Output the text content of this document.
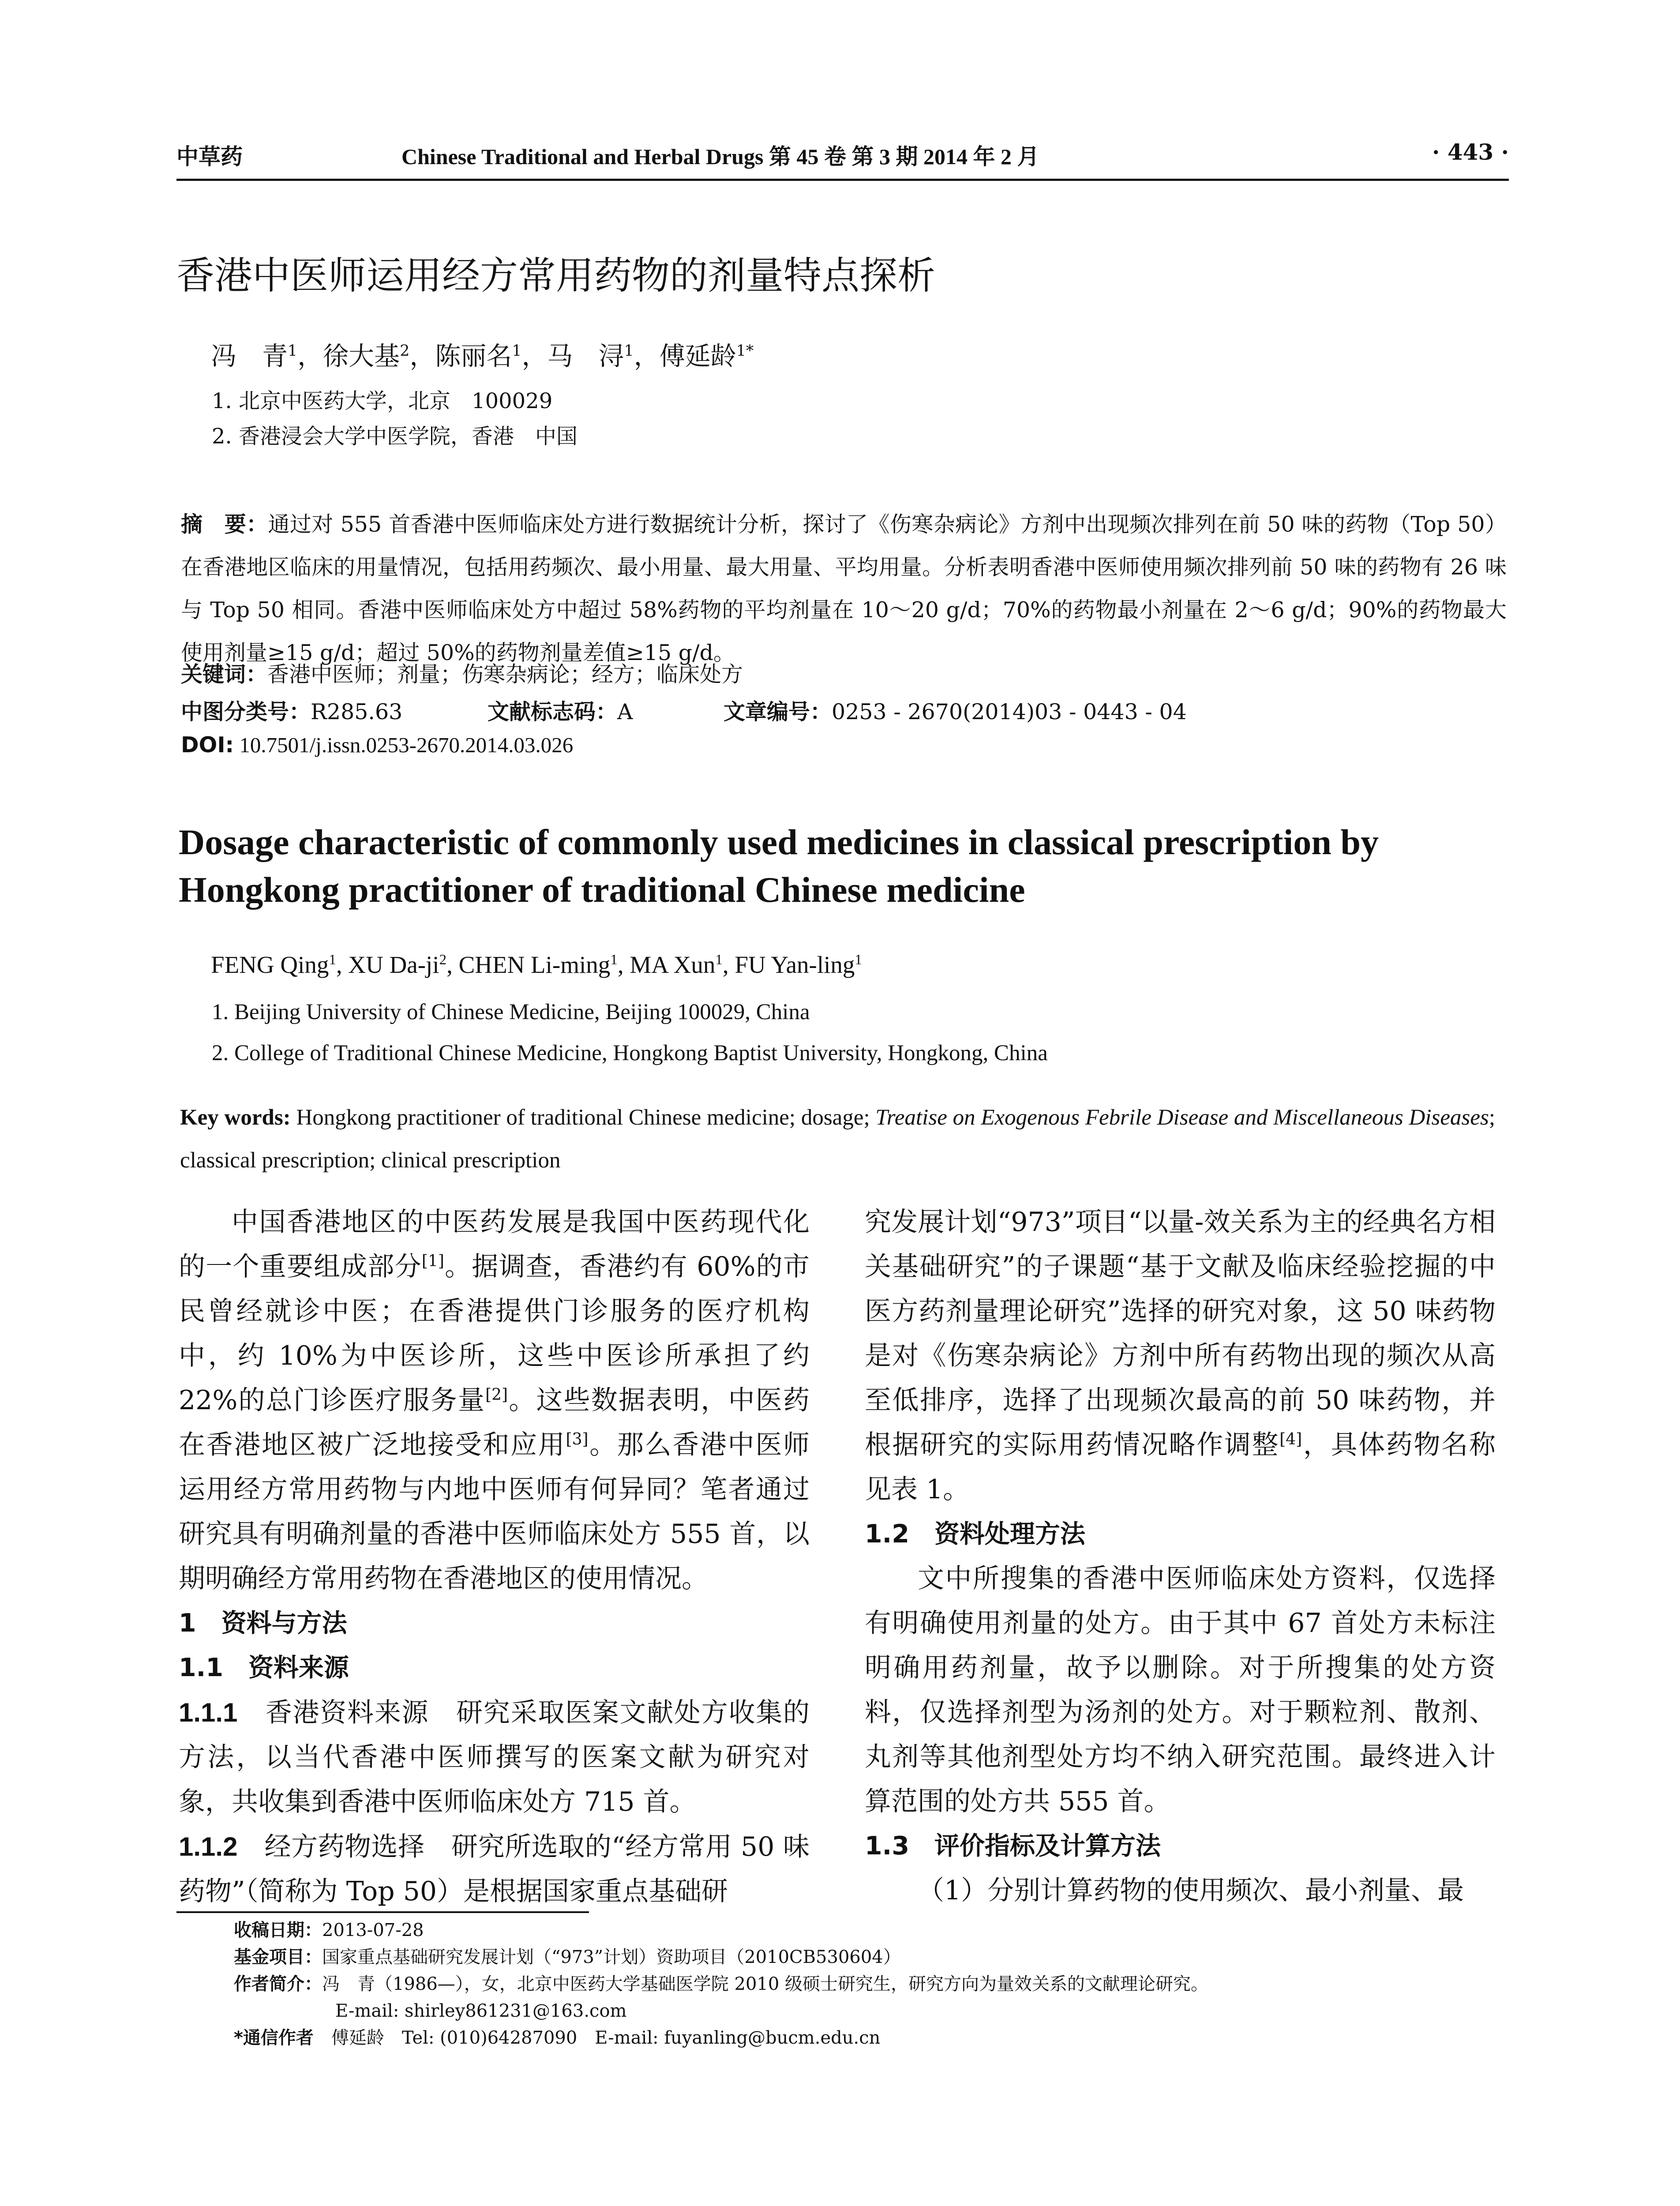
中草药	Chinese Traditional and Herbal Drugs 第 45 卷 第 3 期 2014 年 2 月	· 443 ·
香港中医师运用经方常用药物的剂量特点探析
冯　青$^1$，徐大基$^2$，陈丽名$^1$，马　浔$^1$，傅延龄$^{1*}$
1. 北京中医药大学，北京　100029
2. 香港浸会大学中医学院，香港　中国
摘　要：通过对 555 首香港中医师临床处方进行数据统计分析，探讨了《伤寒杂病论》方剂中出现频次排列在前 50 味的药物（Top 50）在香港地区临床的用量情况，包括用药频次、最小用量、最大用量、平均用量。分析表明香港中医师使用频次排列前 50 味的药物有 26 味与 Top 50 相同。香港中医师临床处方中超过 58%药物的平均剂量在 10～20 g/d；70%的药物最小剂量在 2～6 g/d；90%的药物最大使用剂量≥15 g/d；超过 50%的药物剂量差值≥15 g/d。
关键词：香港中医师；剂量；伤寒杂病论；经方；临床处方
中图分类号：R285.63	文献标志码：A	文章编号：0253 - 2670(2014)03 - 0443 - 04
DOI: 10.7501/j.issn.0253-2670.2014.03.026
Dosage characteristic of commonly used medicines in classical prescription by Hongkong practitioner of traditional Chinese medicine
FENG Qing$^1$, XU $Da-ji^2$, CHEN Li-ming$^1$, MA Xun$^1$, FU Yan-ling$^1$
1. Beijing University of Chinese Medicine, Beijing 100029, China
2. College of Traditional Chinese Medicine, Hongkong Baptist University, Hongkong, China
Key words: Hongkong practitioner of traditional Chinese medicine; dosage; Treatise on Exogenous Febrile Disease and Miscellaneous Diseases; classical prescription; clinical prescription

中国香港地区的中医药发展是我国中医药现代化的一个重要组成部分[1]。据调查，香港约有 60%的市民曾经就诊中医；在香港提供门诊服务的医疗机构中，约 10%为中医诊所，这些中医诊所承担了约 22%的总门诊医疗服务量[2]。这些数据表明，中医药在香港地区被广泛地接受和应用[3]。那么香港中医师运用经方常用药物与内地中医师有何异同？笔者通过研究具有明确剂量的香港中医师临床处方 555 首，以期明确经方常用药物在香港地区的使用情况。

1　资料与方法

1.1　资料来源

1.1.1　香港资料来源　研究采取医案文献处方收集的方法，以当代香港中医师撰写的医案文献为研究对象，共收集到香港中医师临床处方 715 首。

1.1.2　经方药物选择　研究所选取的“经方常用 50 味药物”（简称为 Top 50）是根据国家重点基础研

究发展计划“973”项目“以量-效关系为主的经典名方相关基础研究”的子课题“基于文献及临床经验挖掘的中医方药剂量理论研究”选择的研究对象，这 50 味药物是对《伤寒杂病论》方剂中所有药物出现的频次从高至低排序，选择了出现频次最高的前 50 味药物，并根据研究的实际用药情况略作调整[4]，具体药物名称见表 1。

1.2　资料处理方法

文中所搜集的香港中医师临床处方资料，仅选择有明确使用剂量的处方。由于其中 67 首处方未标注明确用药剂量，故予以删除。对于所搜集的处方资料，仅选择剂型为汤剂的处方。对于颗粒剂、散剂、丸剂等其他剂型处方均不纳入研究范围。最终进入计算范围的处方共 555 首。

1.3　评价指标及计算方法

（1）分别计算药物的使用频次、最小剂量、最

收稿日期：2013-07-28
基金项目：国家重点基础研究发展计划（“973”计划）资助项目（2010CB530604）
作者简介：冯　青（1986—），女，北京中医药大学基础医学院 2010 级硕士研究生，研究方向为量效关系的文献理论研究。
E-mail: shirley861231@163.com
*通信作者　傅延龄　Tel: (010)64287090　E-mail: fuyanling@bucm.edu.cn
